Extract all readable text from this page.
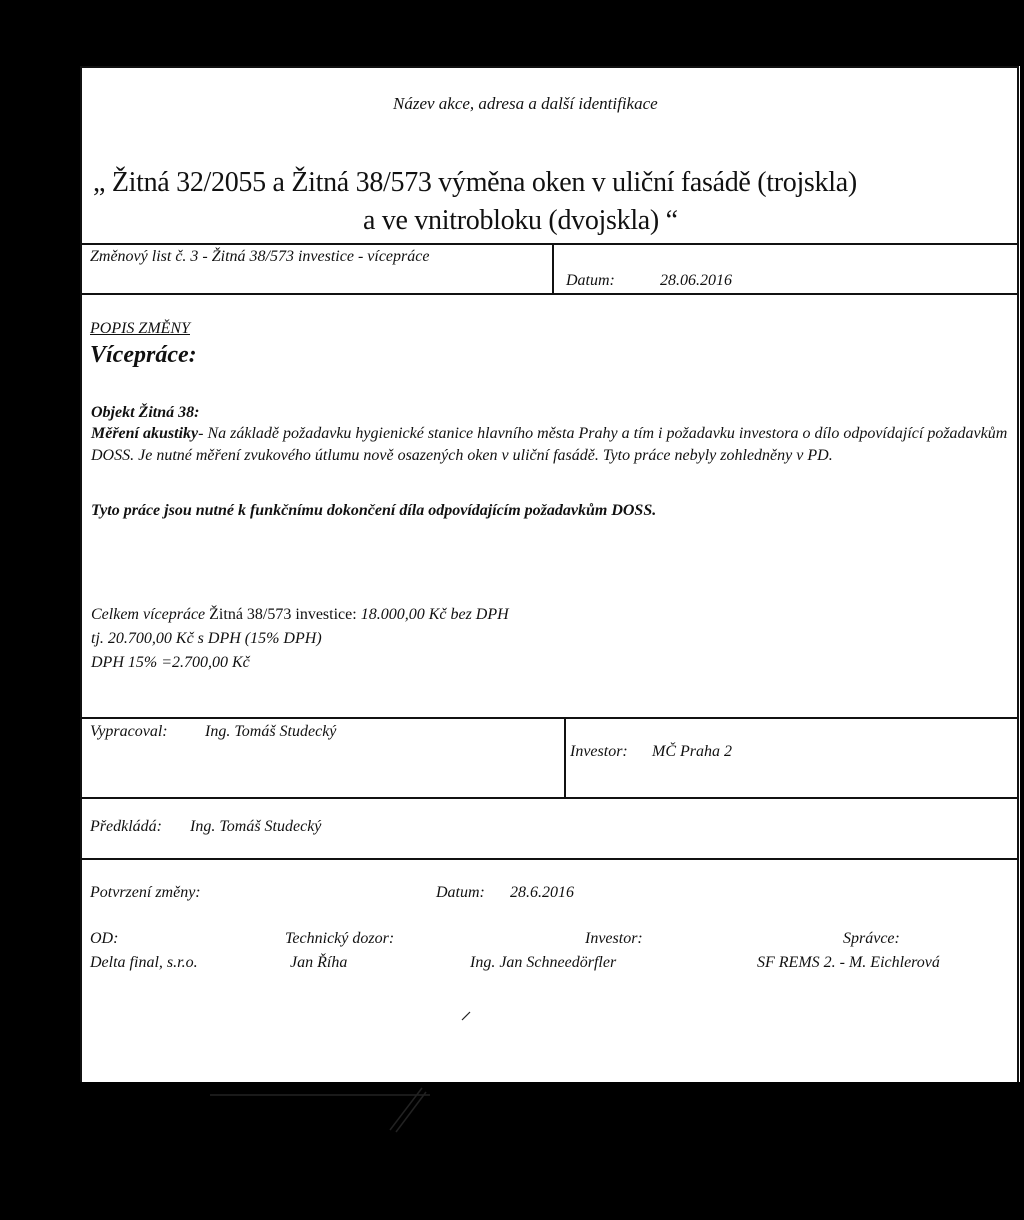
Název akce, adresa a další identifikace
„ Žitná 32/2055 a Žitná 38/573 výměna oken v uliční fasádě (trojskla)
a ve vnitrobloku (dvojskla) “
Změnový list č. 3 - Žitná 38/573 investice - vícepráce
Datum:	28.06.2016
POPIS ZMĚNY
Vícepráce:
Objekt Žitná 38:
Měření akustiky- Na základě požadavku hygienické stanice hlavního města Prahy a tím i požadavku investora o dílo odpovídající požadavkům DOSS. Je nutné měření zvukového útlumu nově osazených oken v uliční fasádě. Tyto práce nebyly zohledněny v PD.
Tyto práce jsou nutné k funkčnímu dokončení díla odpovídajícím požadavkům DOSS.
Celkem vícepráce Žitná 38/573 investice: 18.000,00 Kč bez DPH
tj. 20.700,00 Kč s DPH (15% DPH)
DPH 15% =2.700,00 Kč
Vypracoval: Ing. Tomáš Studecký
Investor: MČ Praha 2
Předkládá: Ing. Tomáš Studecký
Potvrzení změny:	Datum: 28.6.2016
OD:
Delta final, s.r.o.
Technický dozor:
Jan Říha
Investor:
Ing. Jan Schneedörfler
Správce:
SF REMS 2. - M. Eichlerová
